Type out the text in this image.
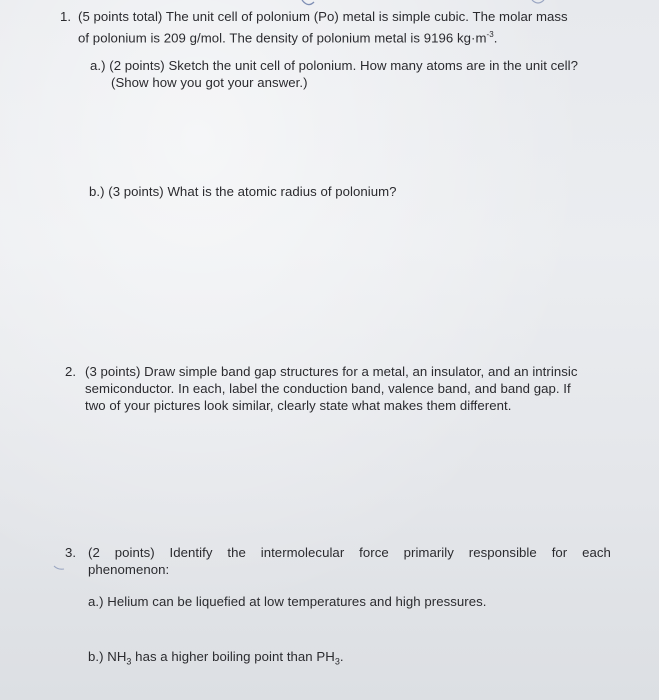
1. (5 points total) The unit cell of polonium (Po) metal is simple cubic. The molar mass
of polonium is 209 g/mol. The density of polonium metal is 9196 $kg\cdot m^{-3}$.
a.) (2 points) Sketch the unit cell of polonium. How many atoms are in the unit cell?
(Show how you got your answer.)
b.) (3 points) What is the atomic radius of polonium?
2. (3 points) Draw simple band gap structures for a metal, an insulator, and an intrinsic
semiconductor. In each, label the conduction band, valence band, and band gap. If
two of your pictures look similar, clearly state what makes them different.
3. (2 points) Identify the intermolecular force primarily responsible for each
phenomenon:
a.) Helium can be liquefied at low temperatures and high pressures.
b.) $NH_3$ has a higher boiling point than $PH_3$.
